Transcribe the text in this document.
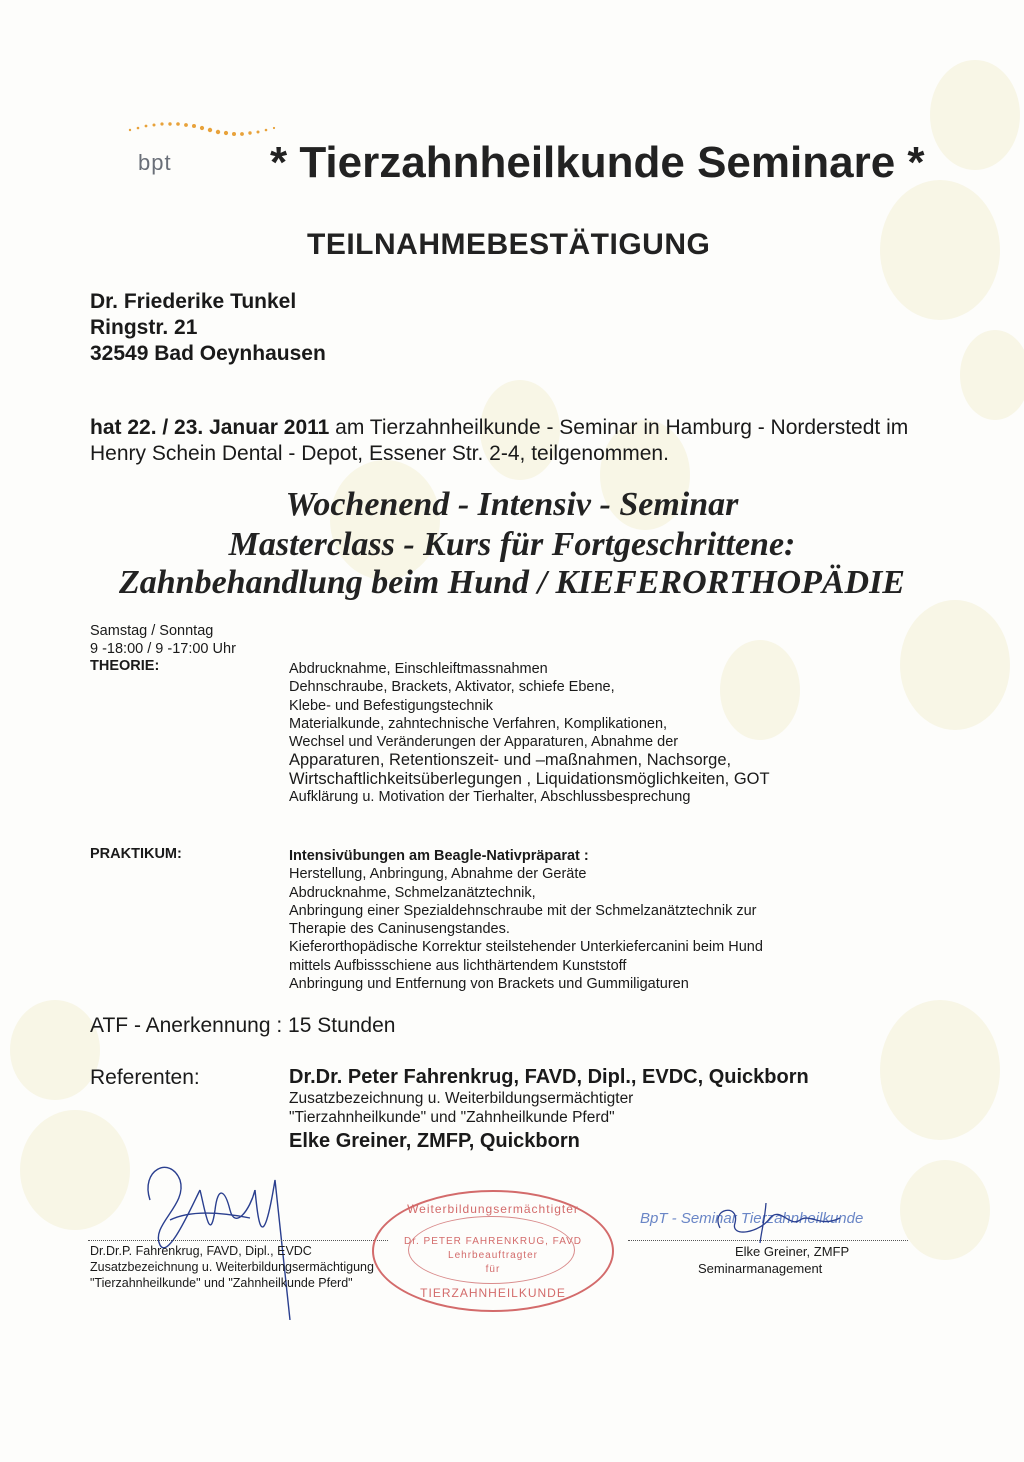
bpt * Tierzahnheilkunde Seminare *
TEILNAHMEBESTÄTIGUNG
Dr. Friederike Tunkel
Ringstr. 21
32549 Bad Oeynhausen
hat 22. / 23. Januar 2011 am Tierzahnheilkunde - Seminar in Hamburg - Norderstedt im
Henry Schein Dental - Depot, Essener Str. 2-4, teilgenommen.
Wochenend - Intensiv - Seminar
Masterclass - Kurs für Fortgeschrittene:
Zahnbehandlung beim Hund / KIEFERORTHOPÄDIE
Samstag / Sonntag
9 -18:00 / 9 -17:00 Uhr
THEORIE:	Abdrucknahme, Einschleiftmassnahmen
Dehnschraube, Brackets, Aktivator, schiefe Ebene,
Klebe- und Befestigungstechnik
Materialkunde, zahntechnische Verfahren, Komplikationen,
Wechsel und Veränderungen der Apparaturen, Abnahme der
Apparaturen, Retentionszeit- und –maßnahmen, Nachsorge,
Wirtschaftlichkeitsüberlegungen , Liquidationsmöglichkeiten, GOT
Aufklärung u. Motivation der Tierhalter, Abschlussbesprechung
PRAKTIKUM:	Intensivübungen am Beagle-Nativpräparat :
Herstellung, Anbringung, Abnahme der Geräte
Abdrucknahme, Schmelzanätztechnik,
Anbringung einer Spezialdehnschraube mit der Schmelzanätztechnik zur
Therapie des Caninusengstandes.
Kieferorthopädische Korrektur steilstehender Unterkiefercanini beim Hund
mittels Aufbissschiene aus lichthärtendem Kunststoff
Anbringung und Entfernung von Brackets und Gummiligaturen
ATF - Anerkennung : 15 Stunden
Referenten:	Dr.Dr. Peter Fahrenkrug, FAVD, Dipl., EVDC, Quickborn
Zusatzbezeichnung u. Weiterbildungsermächtigter
"Tierzahnheilkunde" und "Zahnheilkunde Pferd"
Elke Greiner, ZMFP, Quickborn
Dr.Dr.P. Fahrenkrug, FAVD, Dipl., EVDC
Zusatzbezeichnung u. Weiterbildungsermächtigung
"Tierzahnheilkunde" und "Zahnheilkunde Pferd"
Weiterbildungsermächtigter
Dr. PETER FAHRENKRUG, FAVD
Lehrbeauftragter
für
TIERZAHNHEILKUNDE
BpT - Seminar Tierzahnheilkunde
Elke Greiner, ZMFP
Seminarmanagement
